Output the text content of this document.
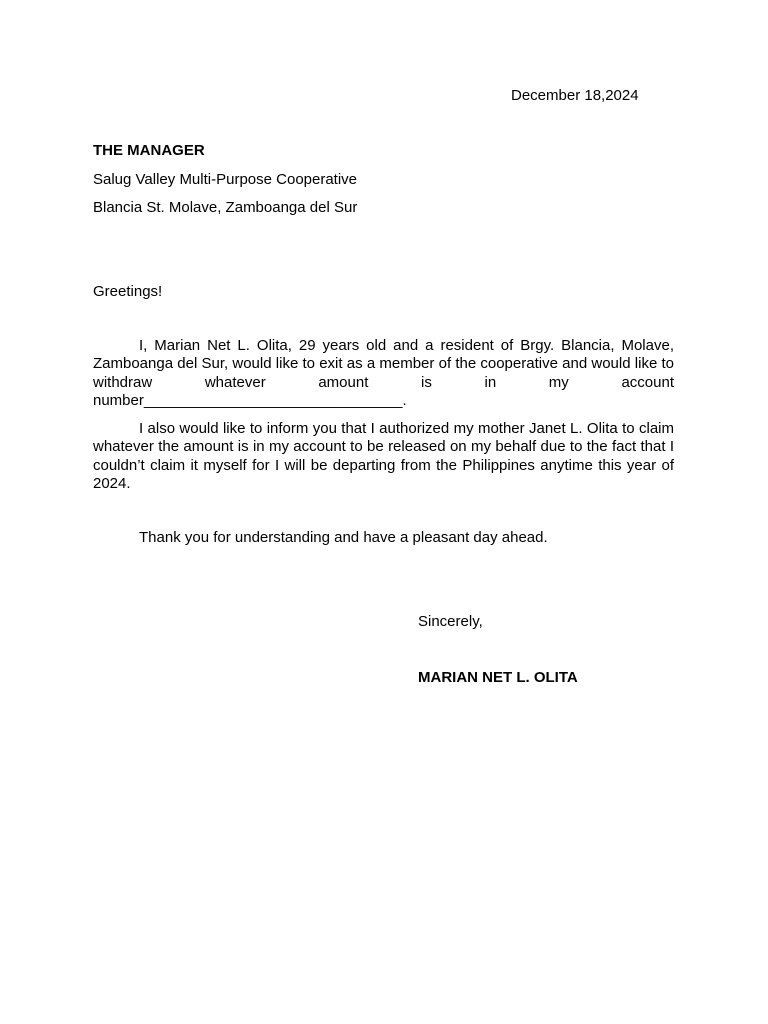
December 18,2024
THE MANAGER
Salug Valley Multi-Purpose Cooperative
Blancia St. Molave, Zamboanga del Sur
Greetings!

I, Marian Net L. Olita, 29 years old and a resident of Brgy. Blancia, Molave, Zamboanga del Sur, would like to exit as a member of the cooperative and would like to withdraw whatever amount is in my account number_______________________________.

I also would like to inform you that I authorized my mother Janet L. Olita to claim whatever the amount is in my account to be released on my behalf due to the fact that I couldn’t claim it myself for I will be departing from the Philippines anytime this year of 2024.

Thank you for understanding and have a pleasant day ahead.

Sincerely,
MARIAN NET L. OLITA
